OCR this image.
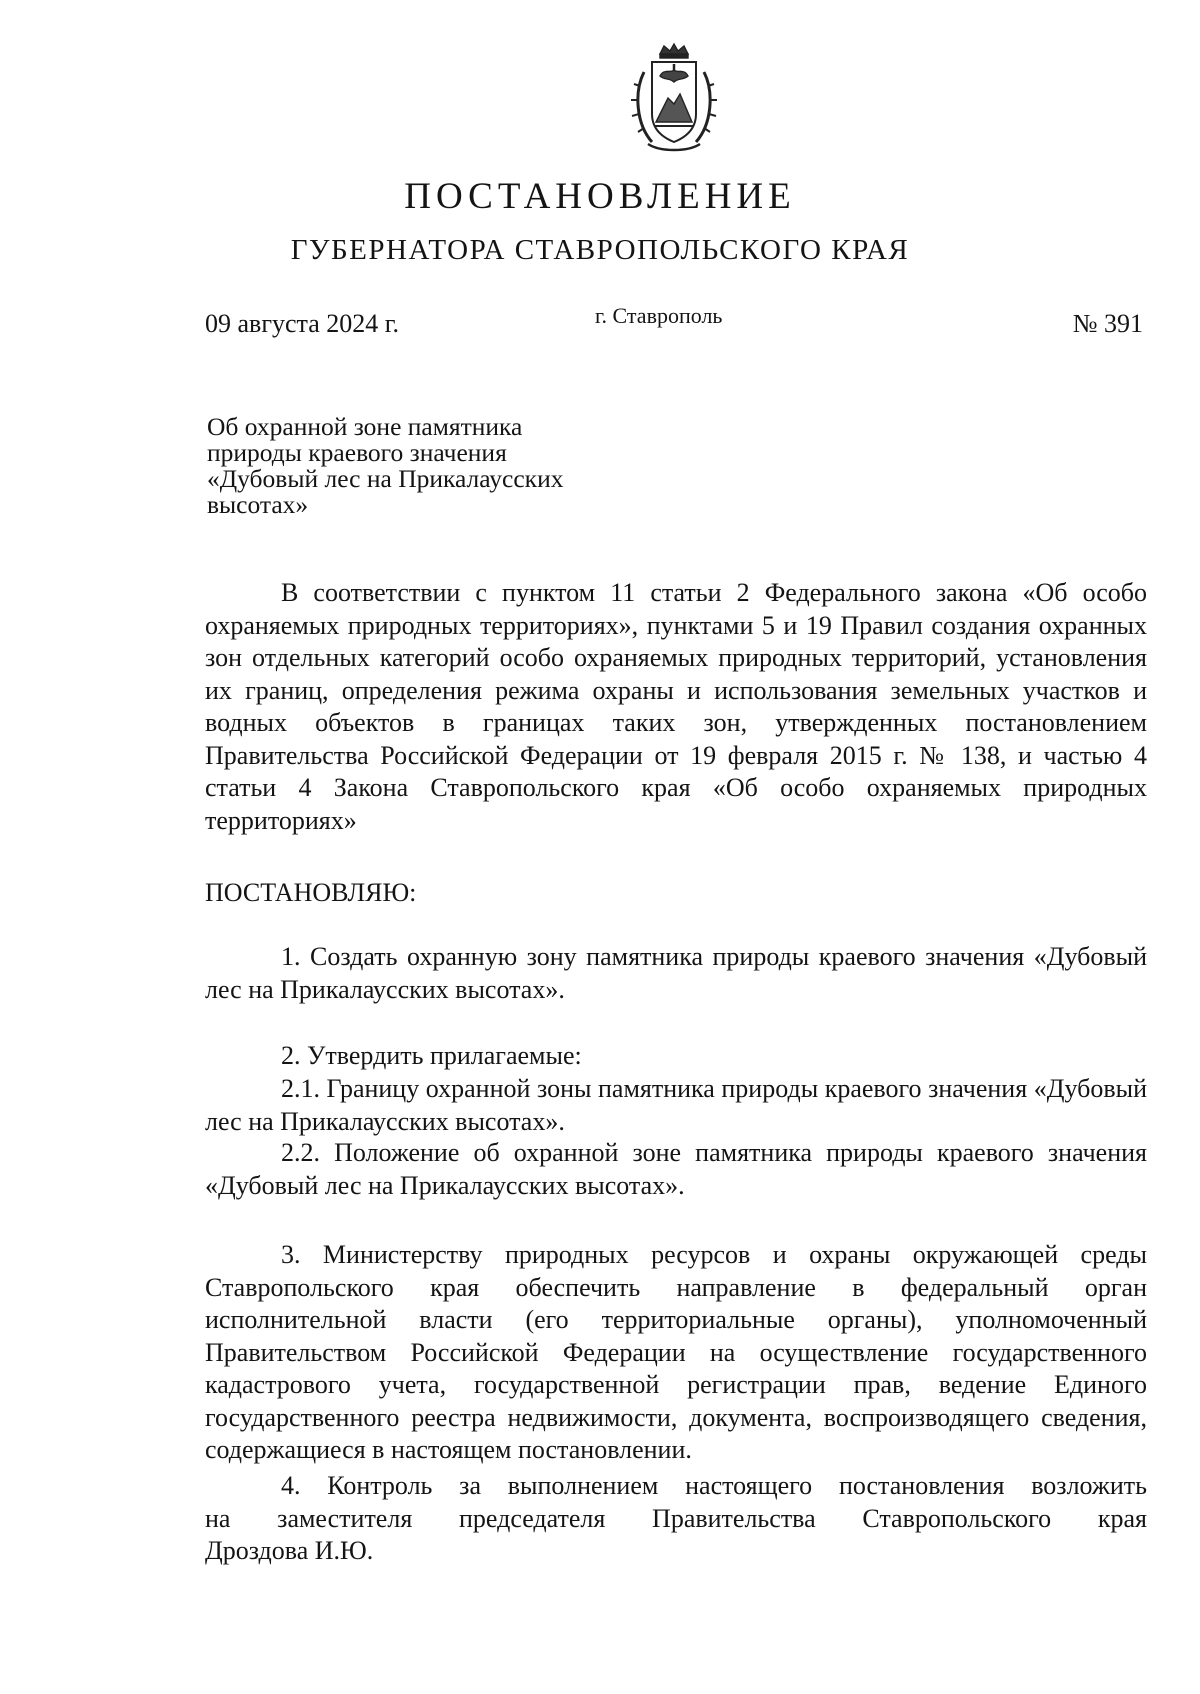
ПОСТАНОВЛЕНИЕ
ГУБЕРНАТОРА СТАВРОПОЛЬСКОГО КРАЯ
09 августа 2024 г.	г. Ставрополь	№ 391
Об охранной зоне памятника
природы краевого значения
«Дубовый лес на Прикалаусских
высотах»

В соответствии с пунктом 11 статьи 2 Федерального закона «Об особо охраняемых природных территориях», пунктами 5 и 19 Правил создания охранных зон отдельных категорий особо охраняемых природных территорий, установления их границ, определения режима охраны и использования земельных участков и водных объектов в границах таких зон, утвержденных постановлением Правительства Российской Федерации от 19 февраля 2015 г. № 138, и частью 4 статьи 4 Закона Ставропольского края «Об особо охраняемых природных территориях»

ПОСТАНОВЛЯЮ:

1. Создать охранную зону памятника природы краевого значения «Дубовый лес на Прикалаусских высотах».

2. Утвердить прилагаемые:

2.1. Границу охранной зоны памятника природы краевого значения «Дубовый лес на Прикалаусских высотах».

2.2. Положение об охранной зоне памятника природы краевого значения «Дубовый лес на Прикалаусских высотах».

3. Министерству природных ресурсов и охраны окружающей среды Ставропольского края обеспечить направление в федеральный орган исполнительной власти (его территориальные органы), уполномоченный Правительством Российской Федерации на осуществление государственного кадастрового учета, государственной регистрации прав, ведение Единого государственного реестра недвижимости, документа, воспроизводящего сведения, содержащиеся в настоящем постановлении.

4. Контроль за выполнением настоящего постановления возложить
на заместителя председателя Правительства Ставропольского края
Дроздова И.Ю.
